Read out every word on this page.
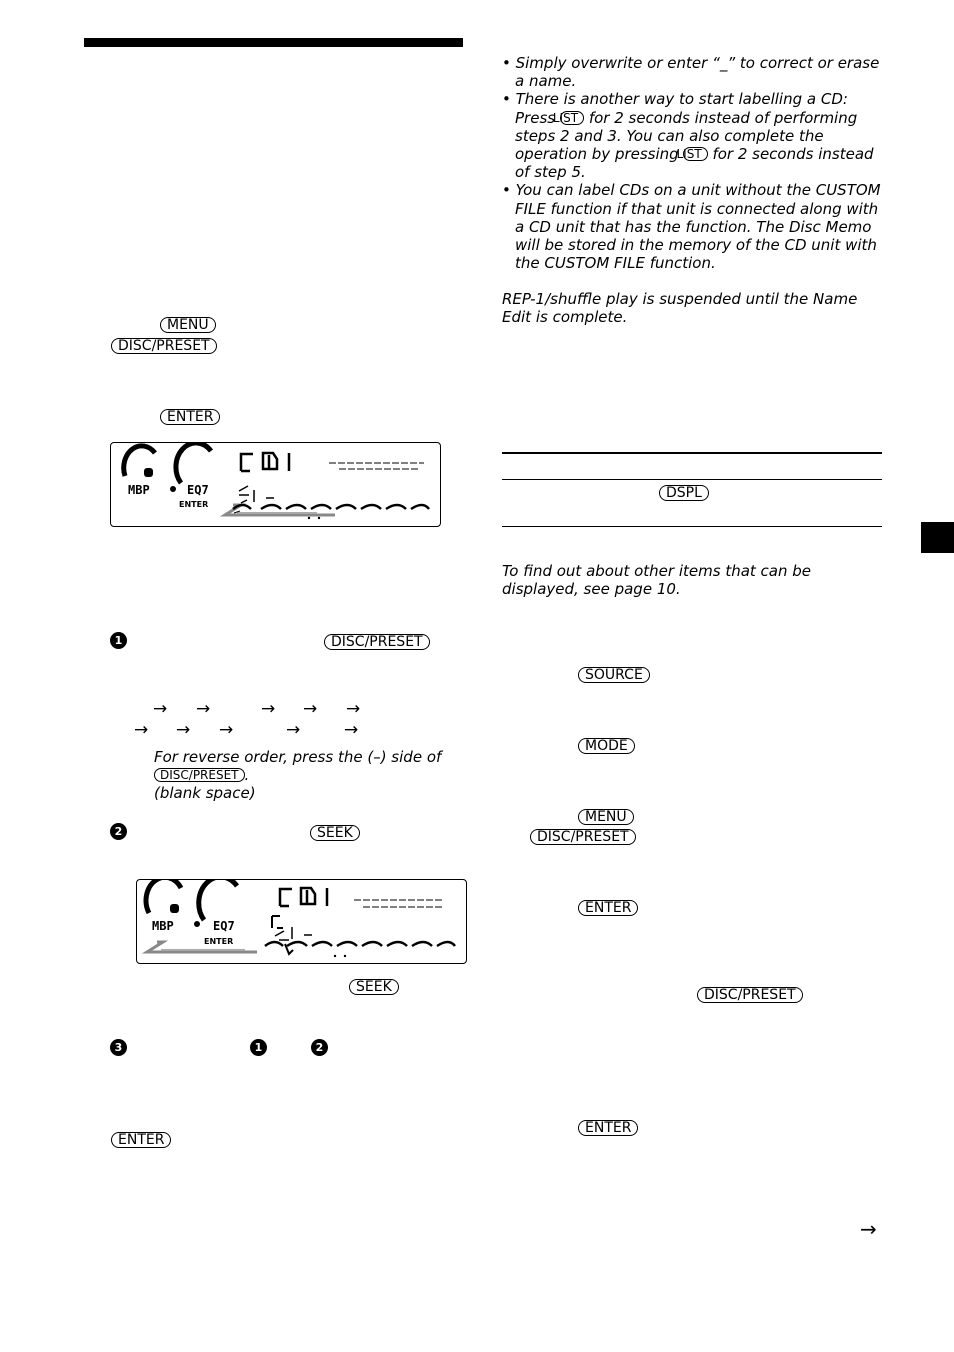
• Simply overwrite or enter “_” to correct or erase a name.

• There is another way to start labelling a CD: Press LIST for 2 seconds instead of performing steps 2 and 3. You can also complete the operation by pressing LIST for 2 seconds instead of step 5.

• You can label CDs on a unit without the CUSTOM FILE function if that unit is connected along with a CD unit that has the function. The Disc Memo will be stored in the memory of the CD unit with the CUSTOM FILE function.

REP-1/shuffle play is suspended until the Name Edit is complete.
DSPL
To find out about other items that can be displayed, see page 10.
MENU
DISC/PRESET
ENTER
MBP	EQ7
ENTER
1	DISC/PRESET
→ →	→ → →
→ → →	→	→
For reverse order, press the (–) side of
DISC/PRESET .
(blank space)
2	SEEK
MBP	EQ7
ENTER
SEEK
3	1	2
ENTER
SOURCE
MODE
MENU
DISC/PRESET
ENTER
DISC/PRESET
ENTER
→
